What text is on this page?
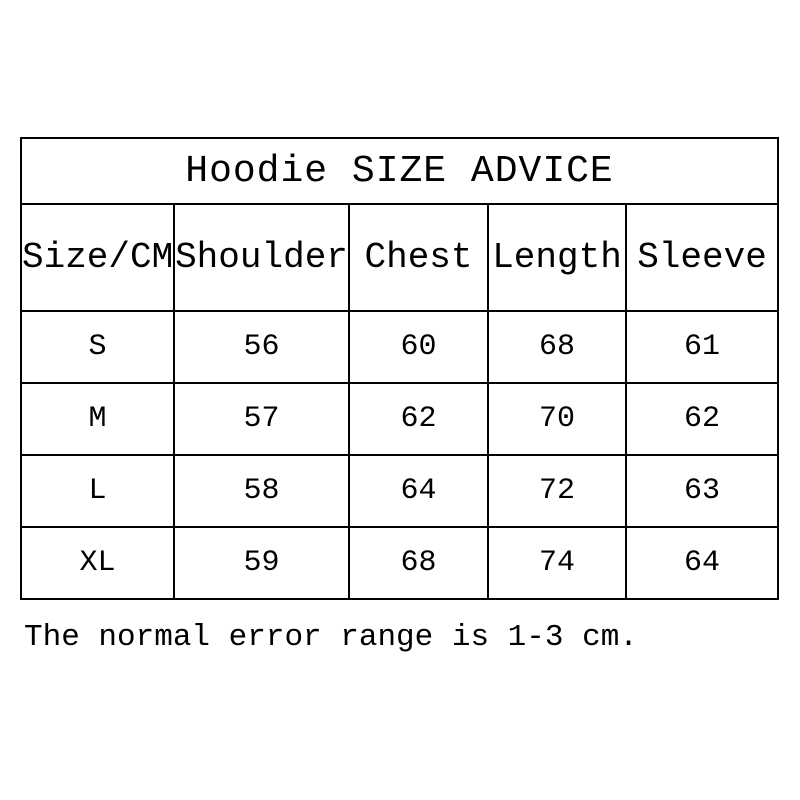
Hoodie SIZE ADVICE				
Size/CM	Shoulder	Chest	Length	Sleeve
S	56	60	68	61
M	57	62	70	62
L	58	64	72	63
XL	59	68	74	64

The normal error range is 1-3 cm.
